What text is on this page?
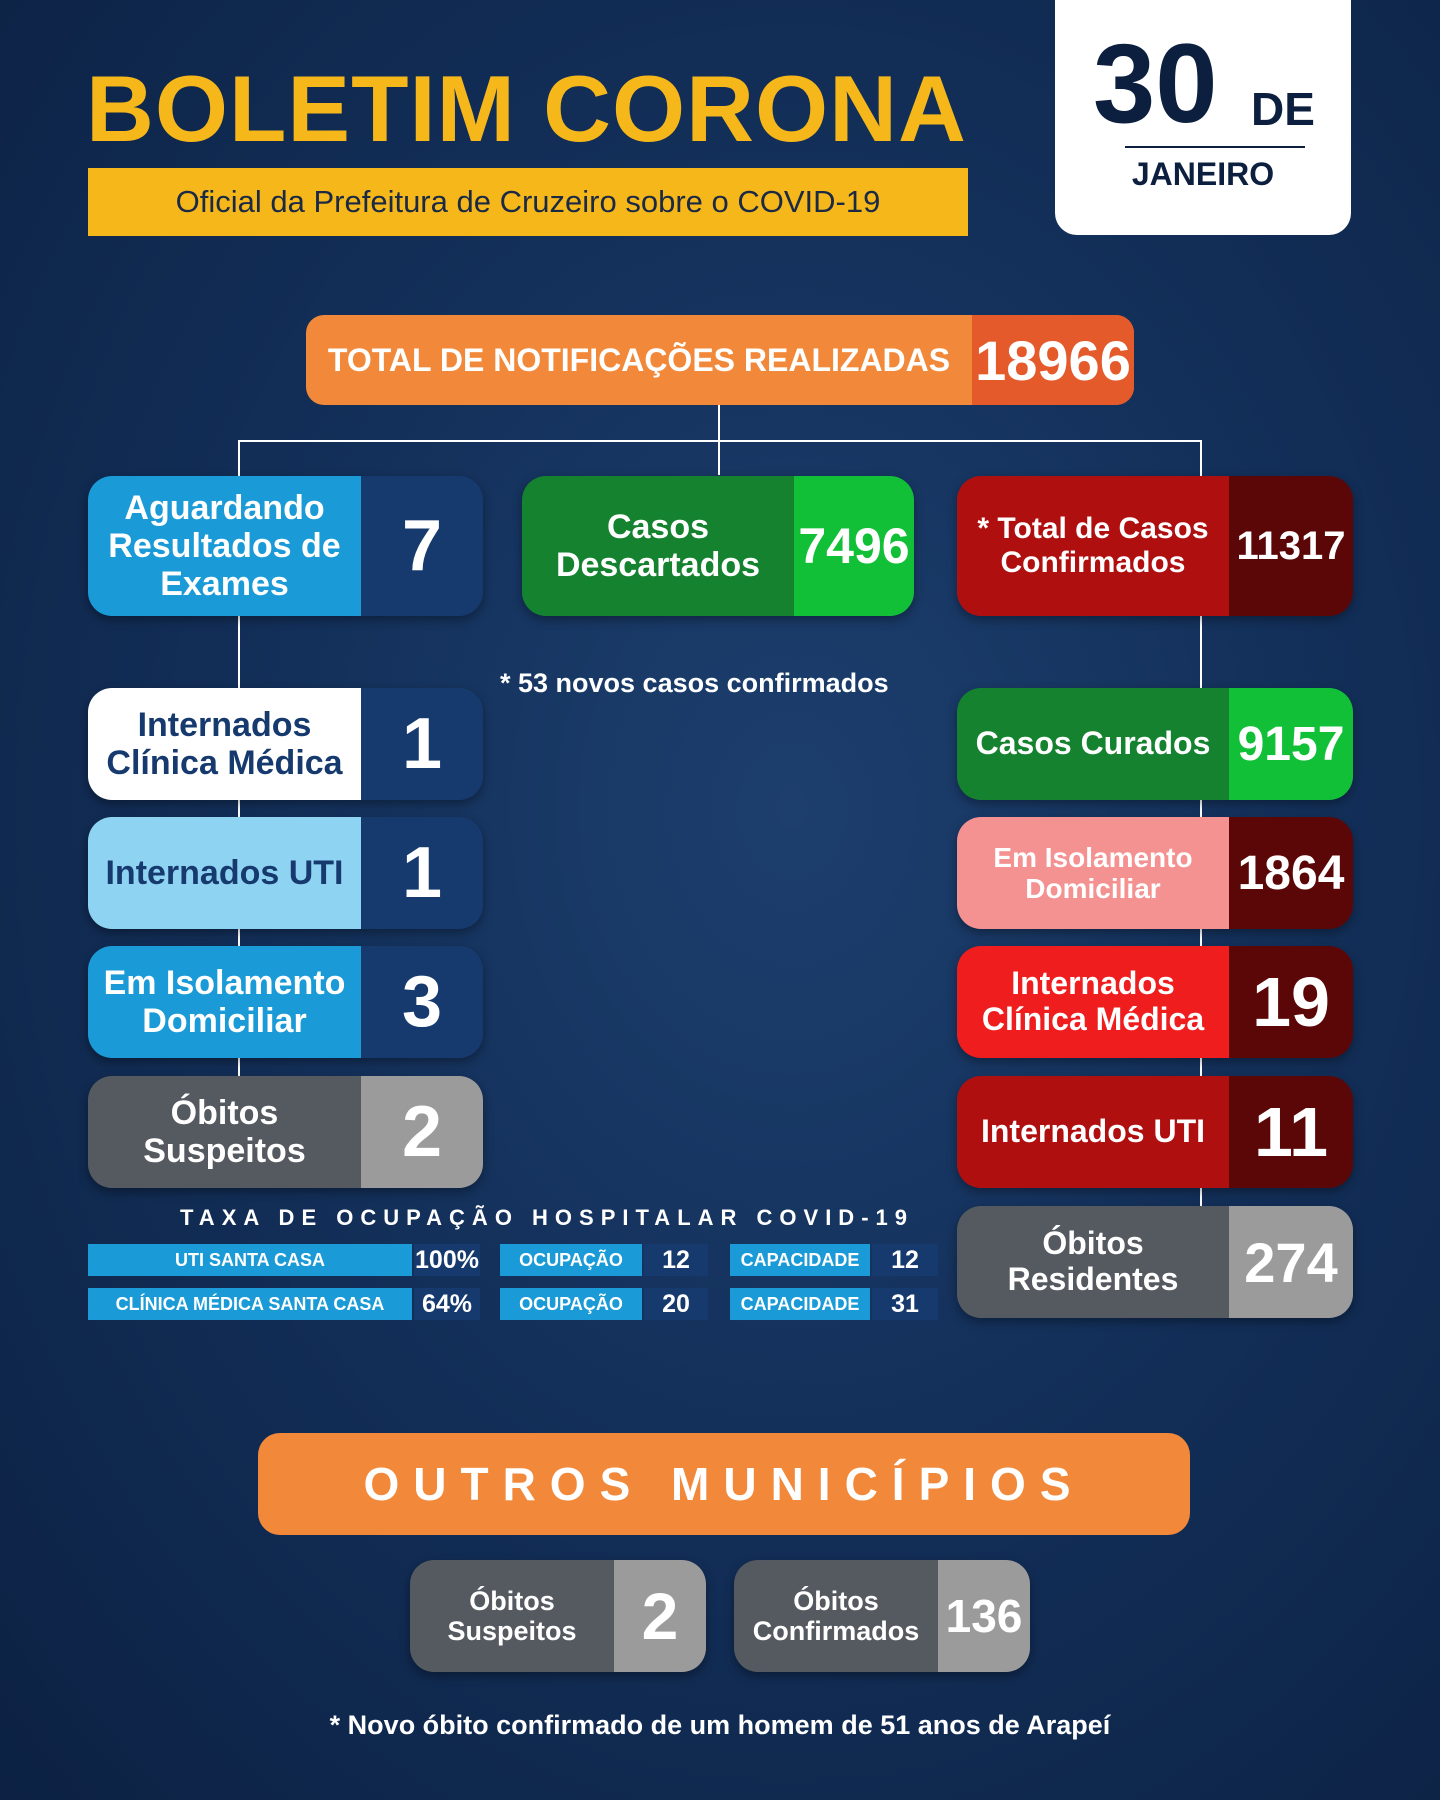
BOLETIM CORONA
Oficial da Prefeitura de Cruzeiro sobre o COVID-19
30 DE
JANEIRO
TOTAL DE NOTIFICAÇÕES REALIZADAS 18966
Aguardando Resultados de Exames	7
Internados Clínica Médica 1
Internados UTI 1
Em Isolamento Domiciliar	3
Óbitos Suspeitos	2
Casos Descartados 7496
* 53 novos casos confirmados
* Total de Casos Confirmados	11317
Casos Curados 9157
Em Isolamento Domiciliar	1864
Internados Clínica Médica 19
Internados UTI 11
Óbitos Residentes	274
TAXA DE OCUPAÇÃO HOSPITALAR COVID-19
UTI SANTA CASA	100%	OCUPAÇÃO	12	CAPACIDADE	12
CLÍNICA MÉDICA SANTA CASA	64%	OCUPAÇÃO	20	CAPACIDADE	31
OUTROS MUNICÍPIOS
Óbitos Suspeitos 2	Óbitos Confirmados 136
* Novo óbito confirmado de um homem de 51 anos de Arapeí
